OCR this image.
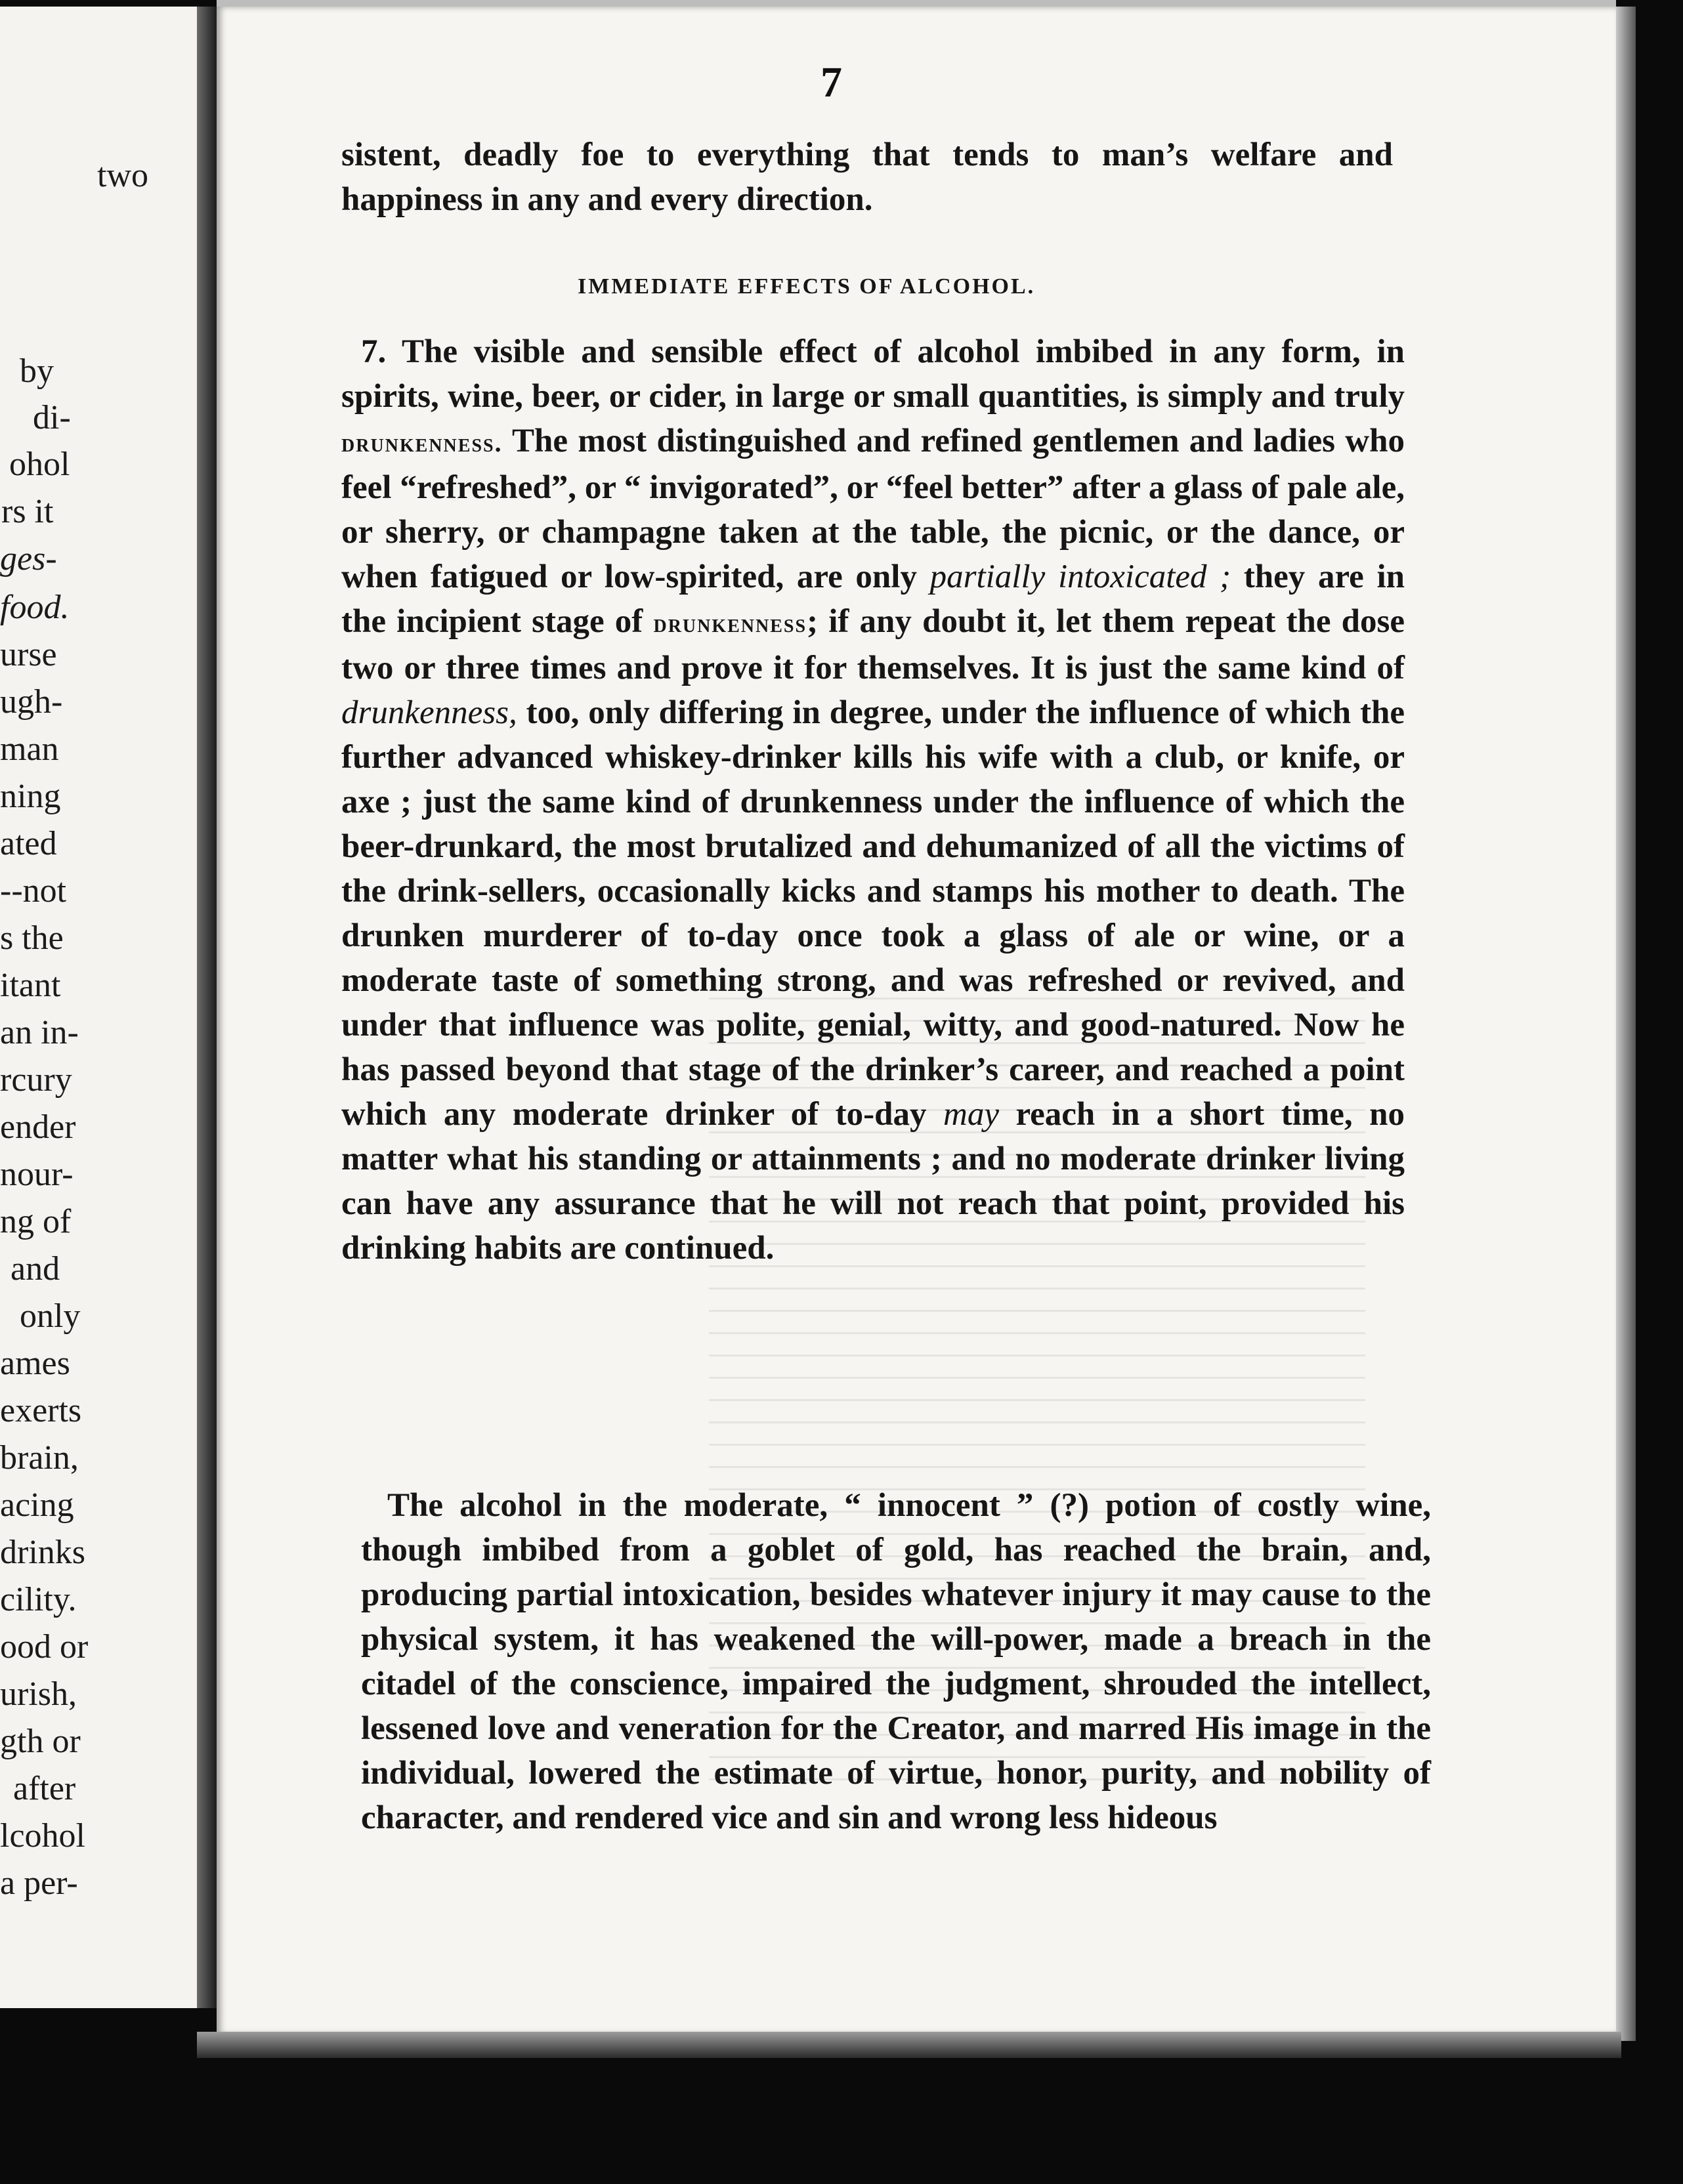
two
by
di-
ohol
rs it
ges-
food.
urse
ugh-
man
ning
ated
--not
s the
itant
an in-
rcury
ender
nour-
ng of
and
only
ames
exerts
brain,
acing
drinks
cility.
ood or
urish,
gth or
after
lcohol
a per-
7

sistent, deadly foe to everything that tends to man’s welfare and happiness in any and every direction.

IMMEDIATE EFFECTS OF ALCOHOL.

7. The visible and sensible effect of alcohol imbibed in any form, in spirits, wine, beer, or cider, in large or small quantities, is simply and truly drunkenness. The most distinguished and refined gentlemen and ladies who feel “refreshed”, or “ invigorated”, or “feel better” after a glass of pale ale, or sherry, or champagne taken at the table, the picnic, or the dance, or when fatigued or low-spirited, are only partially intoxicated ; they are in the incipient stage of drunkenness; if any doubt it, let them repeat the dose two or three times and prove it for themselves. It is just the same kind of drunkenness, too, only differing in degree, under the influence of which the further advanced whiskey-drinker kills his wife with a club, or knife, or axe ; just the same kind of drunkenness under the influence of which the beer-drunkard, the most brutalized and dehumanized of all the victims of the drink-sellers, occasionally kicks and stamps his mother to death. The drunken murderer of to-day once took a glass of ale or wine, or a moderate taste of something strong, and was refreshed or revived, and under that influence was polite, genial, witty, and good-natured. Now he has passed beyond that stage of the drinker’s career, and reached a point which any moderate drinker of to-day may reach in a short time, no matter what his standing or attainments ; and no moderate drinker living can have any assurance that he will not reach that point, provided his drinking habits are continued.

The alcohol in the moderate, “ innocent ” (?) potion of costly wine, though imbibed from a goblet of gold, has reached the brain, and, producing partial intoxication, besides whatever injury it may cause to the physical system, it has weakened the will-power, made a breach in the citadel of the conscience, impaired the judgment, shrouded the intellect, lessened love and veneration for the Creator, and marred His image in the individual, lowered the estimate of virtue, honor, purity, and nobility of character, and rendered vice and sin and wrong less hideous
